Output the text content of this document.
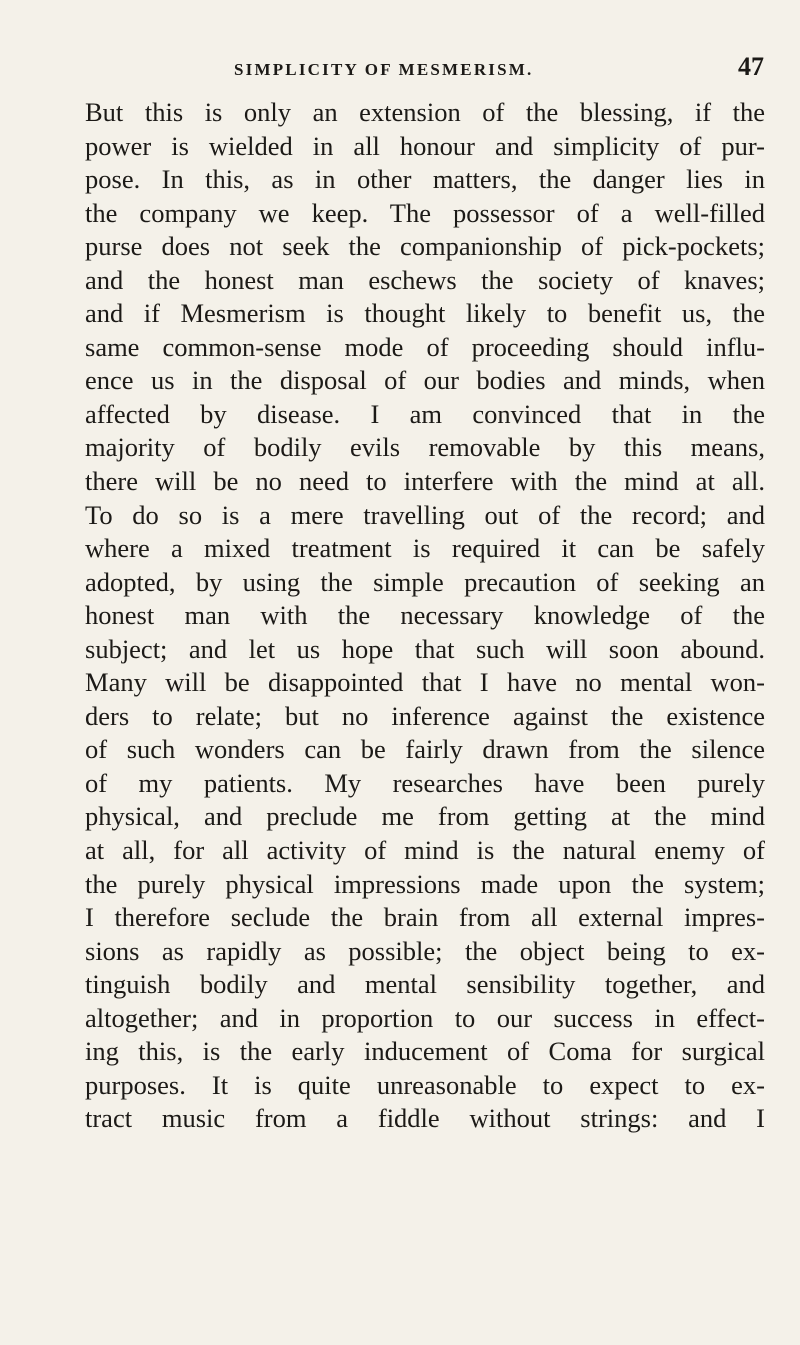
SIMPLICITY OF MESMERISM.	47
But this is only an extension of the blessing, if the
power is wielded in all honour and simplicity of pur-
pose. In this, as in other matters, the danger lies in
the company we keep. The possessor of a well-filled
purse does not seek the companionship of pick-pockets;
and the honest man eschews the society of knaves;
and if Mesmerism is thought likely to benefit us, the
same common-sense mode of proceeding should influ-
ence us in the disposal of our bodies and minds, when
affected by disease. I am convinced that in the
majority of bodily evils removable by this means,
there will be no need to interfere with the mind at all.
To do so is a mere travelling out of the record; and
where a mixed treatment is required it can be safely
adopted, by using the simple precaution of seeking an
honest man with the necessary knowledge of the
subject; and let us hope that such will soon abound.
Many will be disappointed that I have no mental won-
ders to relate; but no inference against the existence
of such wonders can be fairly drawn from the silence
of my patients. My researches have been purely
physical, and preclude me from getting at the mind
at all, for all activity of mind is the natural enemy of
the purely physical impressions made upon the system;
I therefore seclude the brain from all external impres-
sions as rapidly as possible; the object being to ex-
tinguish bodily and mental sensibility together, and
altogether; and in proportion to our success in effect-
ing this, is the early inducement of Coma for surgical
purposes. It is quite unreasonable to expect to ex-
tract music from a fiddle without strings: and I
